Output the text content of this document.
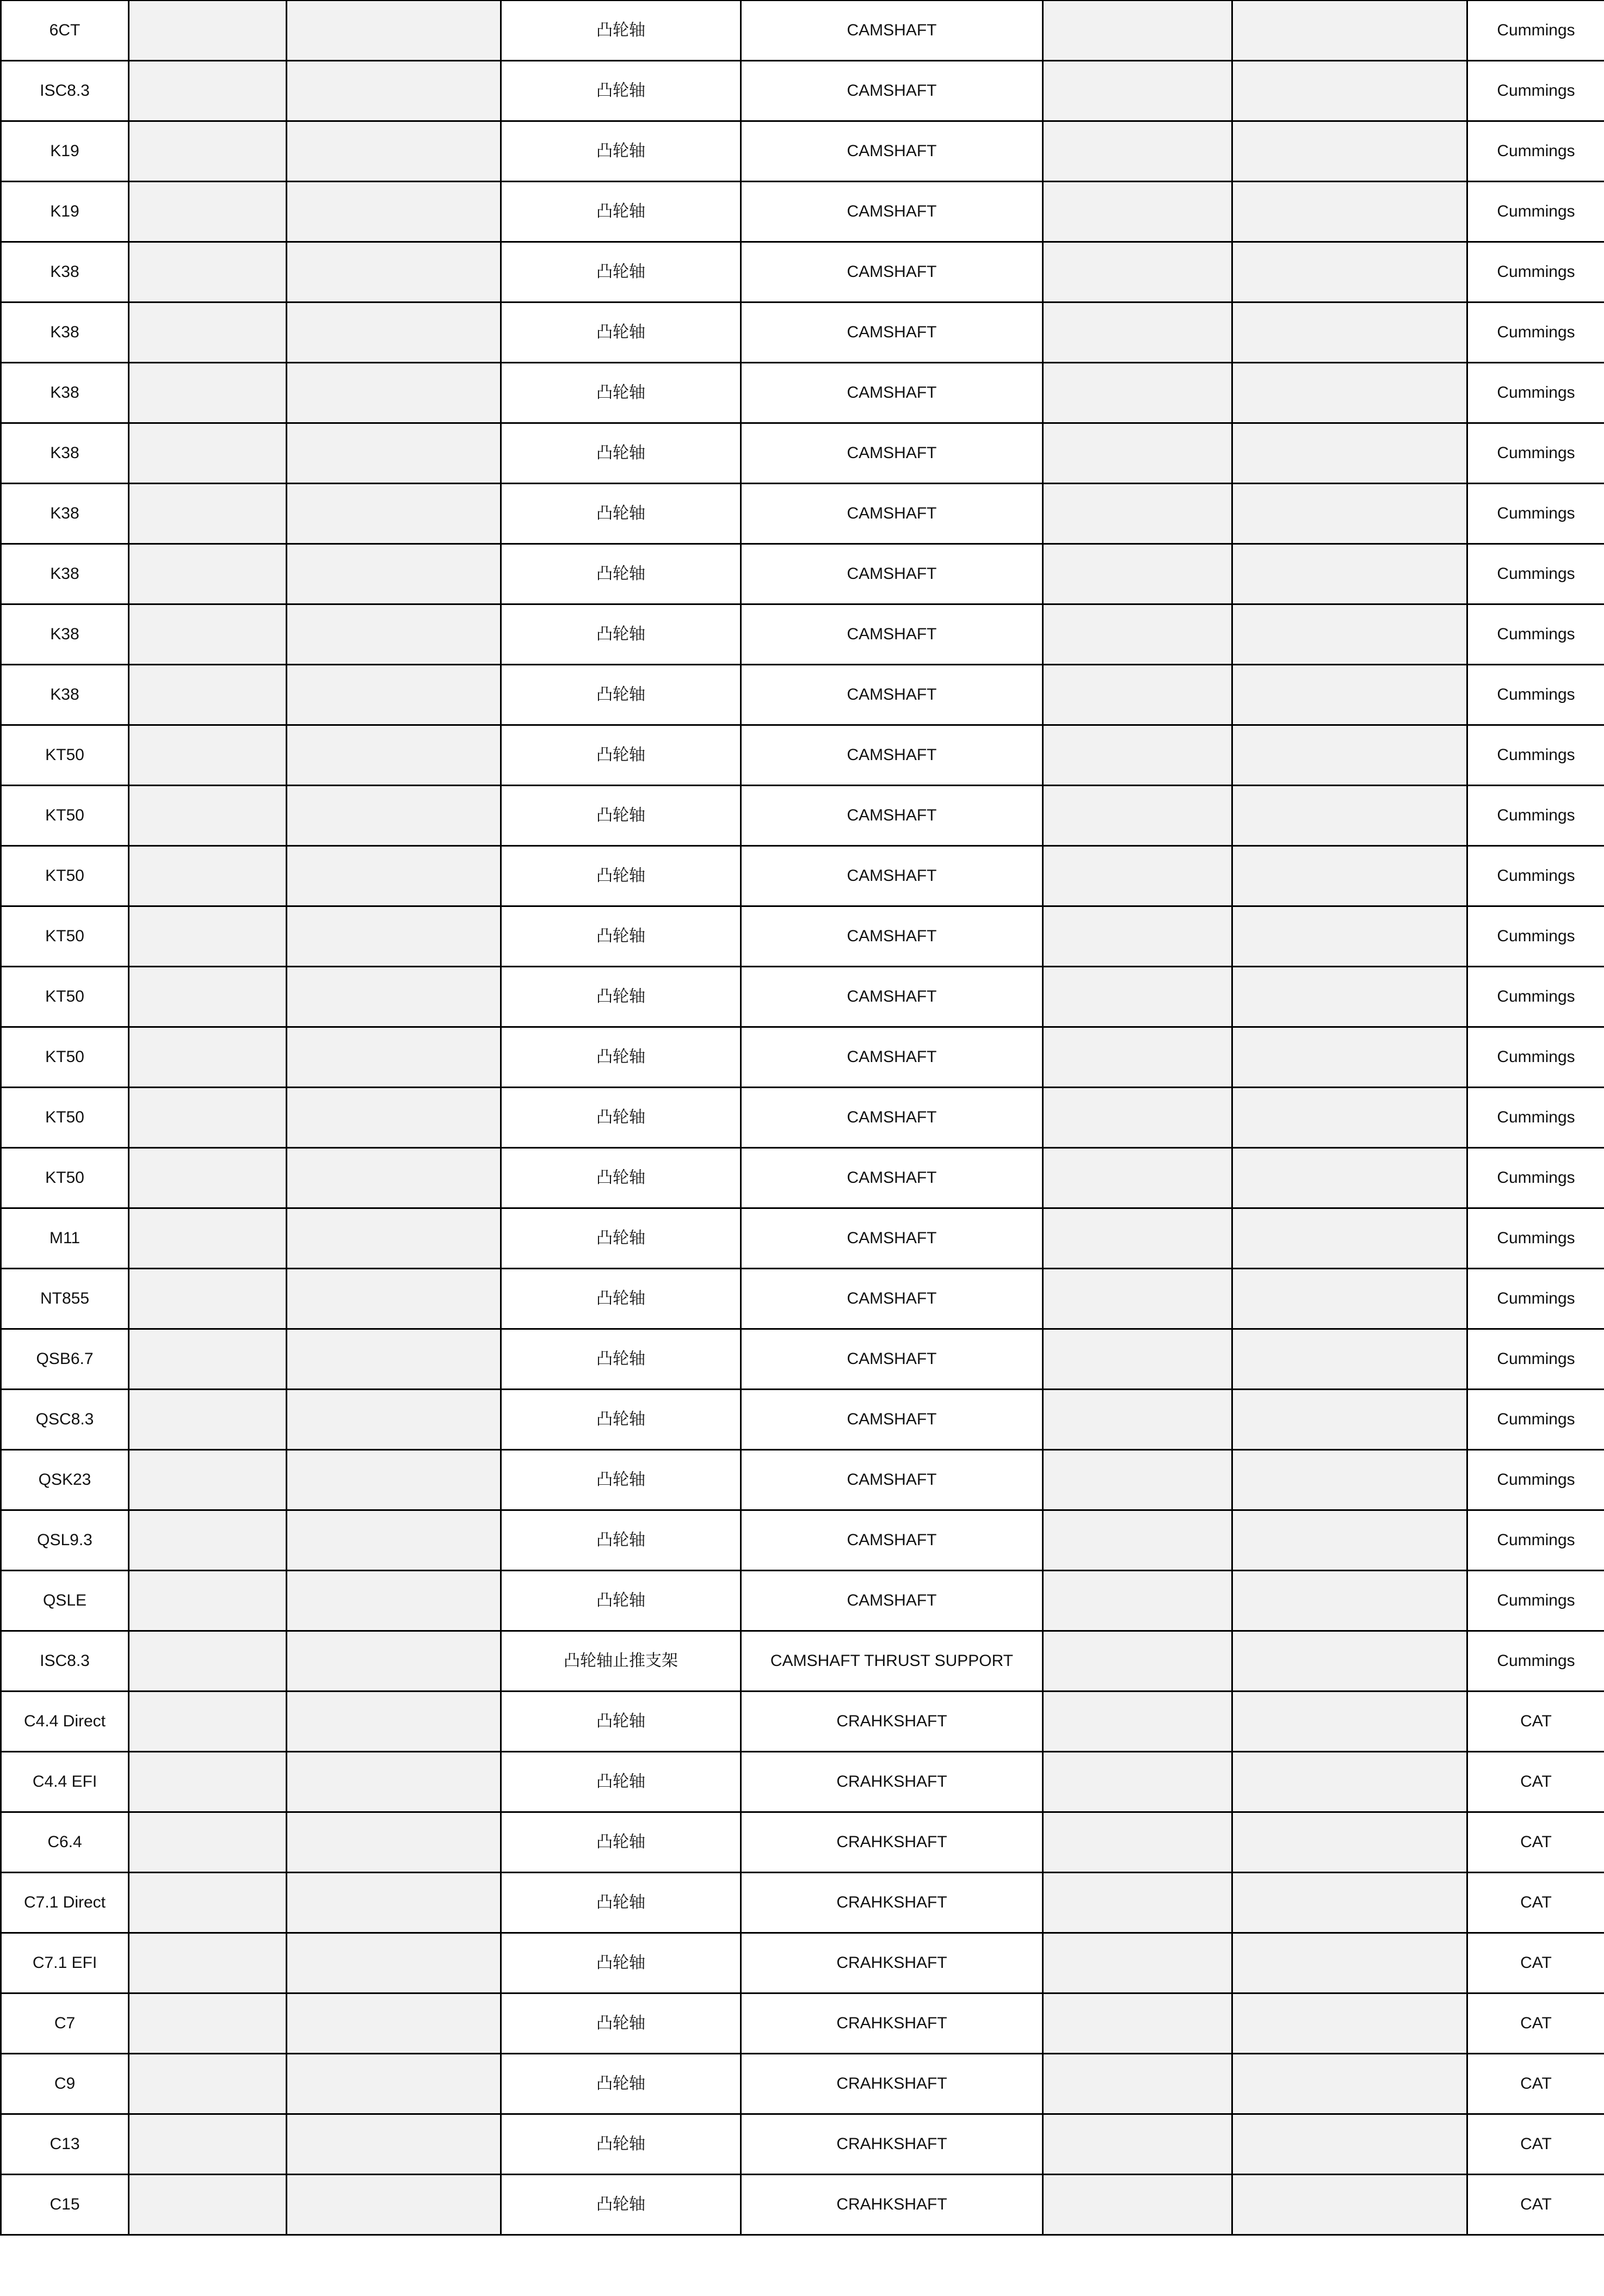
6CT			凸轮轴	CAMSHAFT			Cummings
ISC8.3			凸轮轴	CAMSHAFT			Cummings
K19			凸轮轴	CAMSHAFT			Cummings
K19			凸轮轴	CAMSHAFT			Cummings
K38			凸轮轴	CAMSHAFT			Cummings
K38			凸轮轴	CAMSHAFT			Cummings
K38			凸轮轴	CAMSHAFT			Cummings
K38			凸轮轴	CAMSHAFT			Cummings
K38			凸轮轴	CAMSHAFT			Cummings
K38			凸轮轴	CAMSHAFT			Cummings
K38			凸轮轴	CAMSHAFT			Cummings
K38			凸轮轴	CAMSHAFT			Cummings
KT50			凸轮轴	CAMSHAFT			Cummings
KT50			凸轮轴	CAMSHAFT			Cummings
KT50			凸轮轴	CAMSHAFT			Cummings
KT50			凸轮轴	CAMSHAFT			Cummings
KT50			凸轮轴	CAMSHAFT			Cummings
KT50			凸轮轴	CAMSHAFT			Cummings
KT50			凸轮轴	CAMSHAFT			Cummings
KT50			凸轮轴	CAMSHAFT			Cummings
M11			凸轮轴	CAMSHAFT			Cummings
NT855			凸轮轴	CAMSHAFT			Cummings
QSB6.7			凸轮轴	CAMSHAFT			Cummings
QSC8.3			凸轮轴	CAMSHAFT			Cummings
QSK23			凸轮轴	CAMSHAFT			Cummings
QSL9.3			凸轮轴	CAMSHAFT			Cummings
QSLE			凸轮轴	CAMSHAFT			Cummings
ISC8.3			凸轮轴止推支架	CAMSHAFT THRUST SUPPORT			Cummings
C4.4 Direct			凸轮轴	CRAHKSHAFT			CAT
C4.4 EFI			凸轮轴	CRAHKSHAFT			CAT
C6.4			凸轮轴	CRAHKSHAFT			CAT
C7.1 Direct			凸轮轴	CRAHKSHAFT			CAT
C7.1 EFI			凸轮轴	CRAHKSHAFT			CAT
C7			凸轮轴	CRAHKSHAFT			CAT
C9			凸轮轴	CRAHKSHAFT			CAT
C13			凸轮轴	CRAHKSHAFT			CAT
C15			凸轮轴	CRAHKSHAFT			CAT
